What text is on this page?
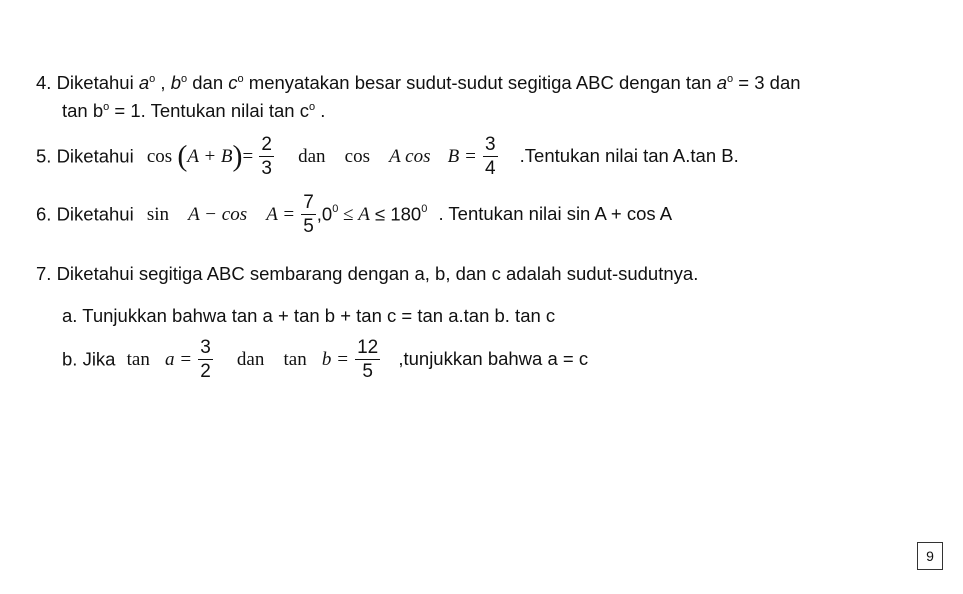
4. Diketahui $a^o$ , $b^o$ dan $c^o$ menyatakan besar sudut-sudut segitiga ABC dengan $\tan a^o = 3$ dan
$\tan b^o = 1$. Tentukan nilai $\tan c^o$ .
5. Diketahui $\cos (A + B)= \frac{2}{3}$ dan cos A $\cos B = \frac{3}{4}$ .Tentukan nilai tan A.tan B.
6. Diketahui $\sin A - \cos A = \frac{7}{5} ,0^0 \le A \le 180^0$ . Tentukan nilai sin A + cos A
7. Diketahui segitiga ABC sembarang dengan a, b, dan c adalah sudut-sudutnya.
a. Tunjukkan bahwa tan a + tan b + tan c = tan a.tan b. tan c
b. Jika $\tan a = \frac{3}{2}$ dan $\tan b = \frac{12}{5}$ ,tunjukkan bahwa a = c
9
